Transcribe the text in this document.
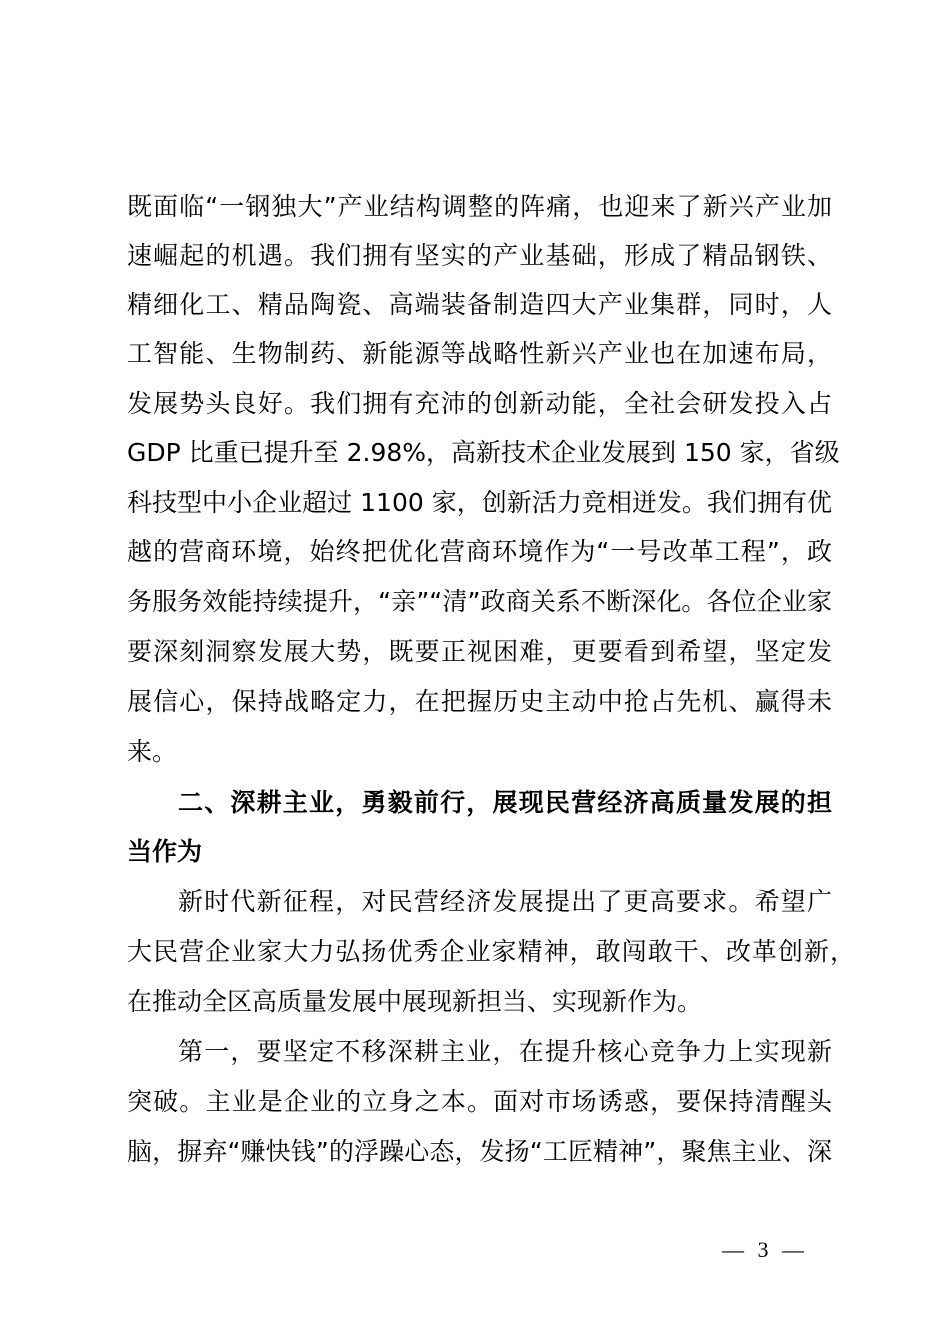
既面临“一钢独大”产业结构调整的阵痛，也迎来了新兴产业加
速崛起的机遇。我们拥有坚实的产业基础，形成了精品钢铁、
精细化工、精品陶瓷、高端装备制造四大产业集群，同时，人
工智能、生物制药、新能源等战略性新兴产业也在加速布局，
发展势头良好。我们拥有充沛的创新动能，全社会研发投入占
GDP 比重已提升至 2.98%，高新技术企业发展到 150 家，省级
科技型中小企业超过 1100 家，创新活力竞相迸发。我们拥有优
越的营商环境，始终把优化营商环境作为“一号改革工程”，政
务服务效能持续提升，“亲”“清”政商关系不断深化。各位企业家
要深刻洞察发展大势，既要正视困难，更要看到希望，坚定发
展信心，保持战略定力，在把握历史主动中抢占先机、赢得未
来。
二、深耕主业，勇毅前行，展现民营经济高质量发展的担
当作为
新时代新征程，对民营经济发展提出了更高要求。希望广
大民营企业家大力弘扬优秀企业家精神，敢闯敢干、改革创新，
在推动全区高质量发展中展现新担当、实现新作为。
第一，要坚定不移深耕主业，在提升核心竞争力上实现新
突破。主业是企业的立身之本。面对市场诱惑，要保持清醒头
脑，摒弃“赚快钱”的浮躁心态，发扬“工匠精神”，聚焦主业、深
— 3 —
